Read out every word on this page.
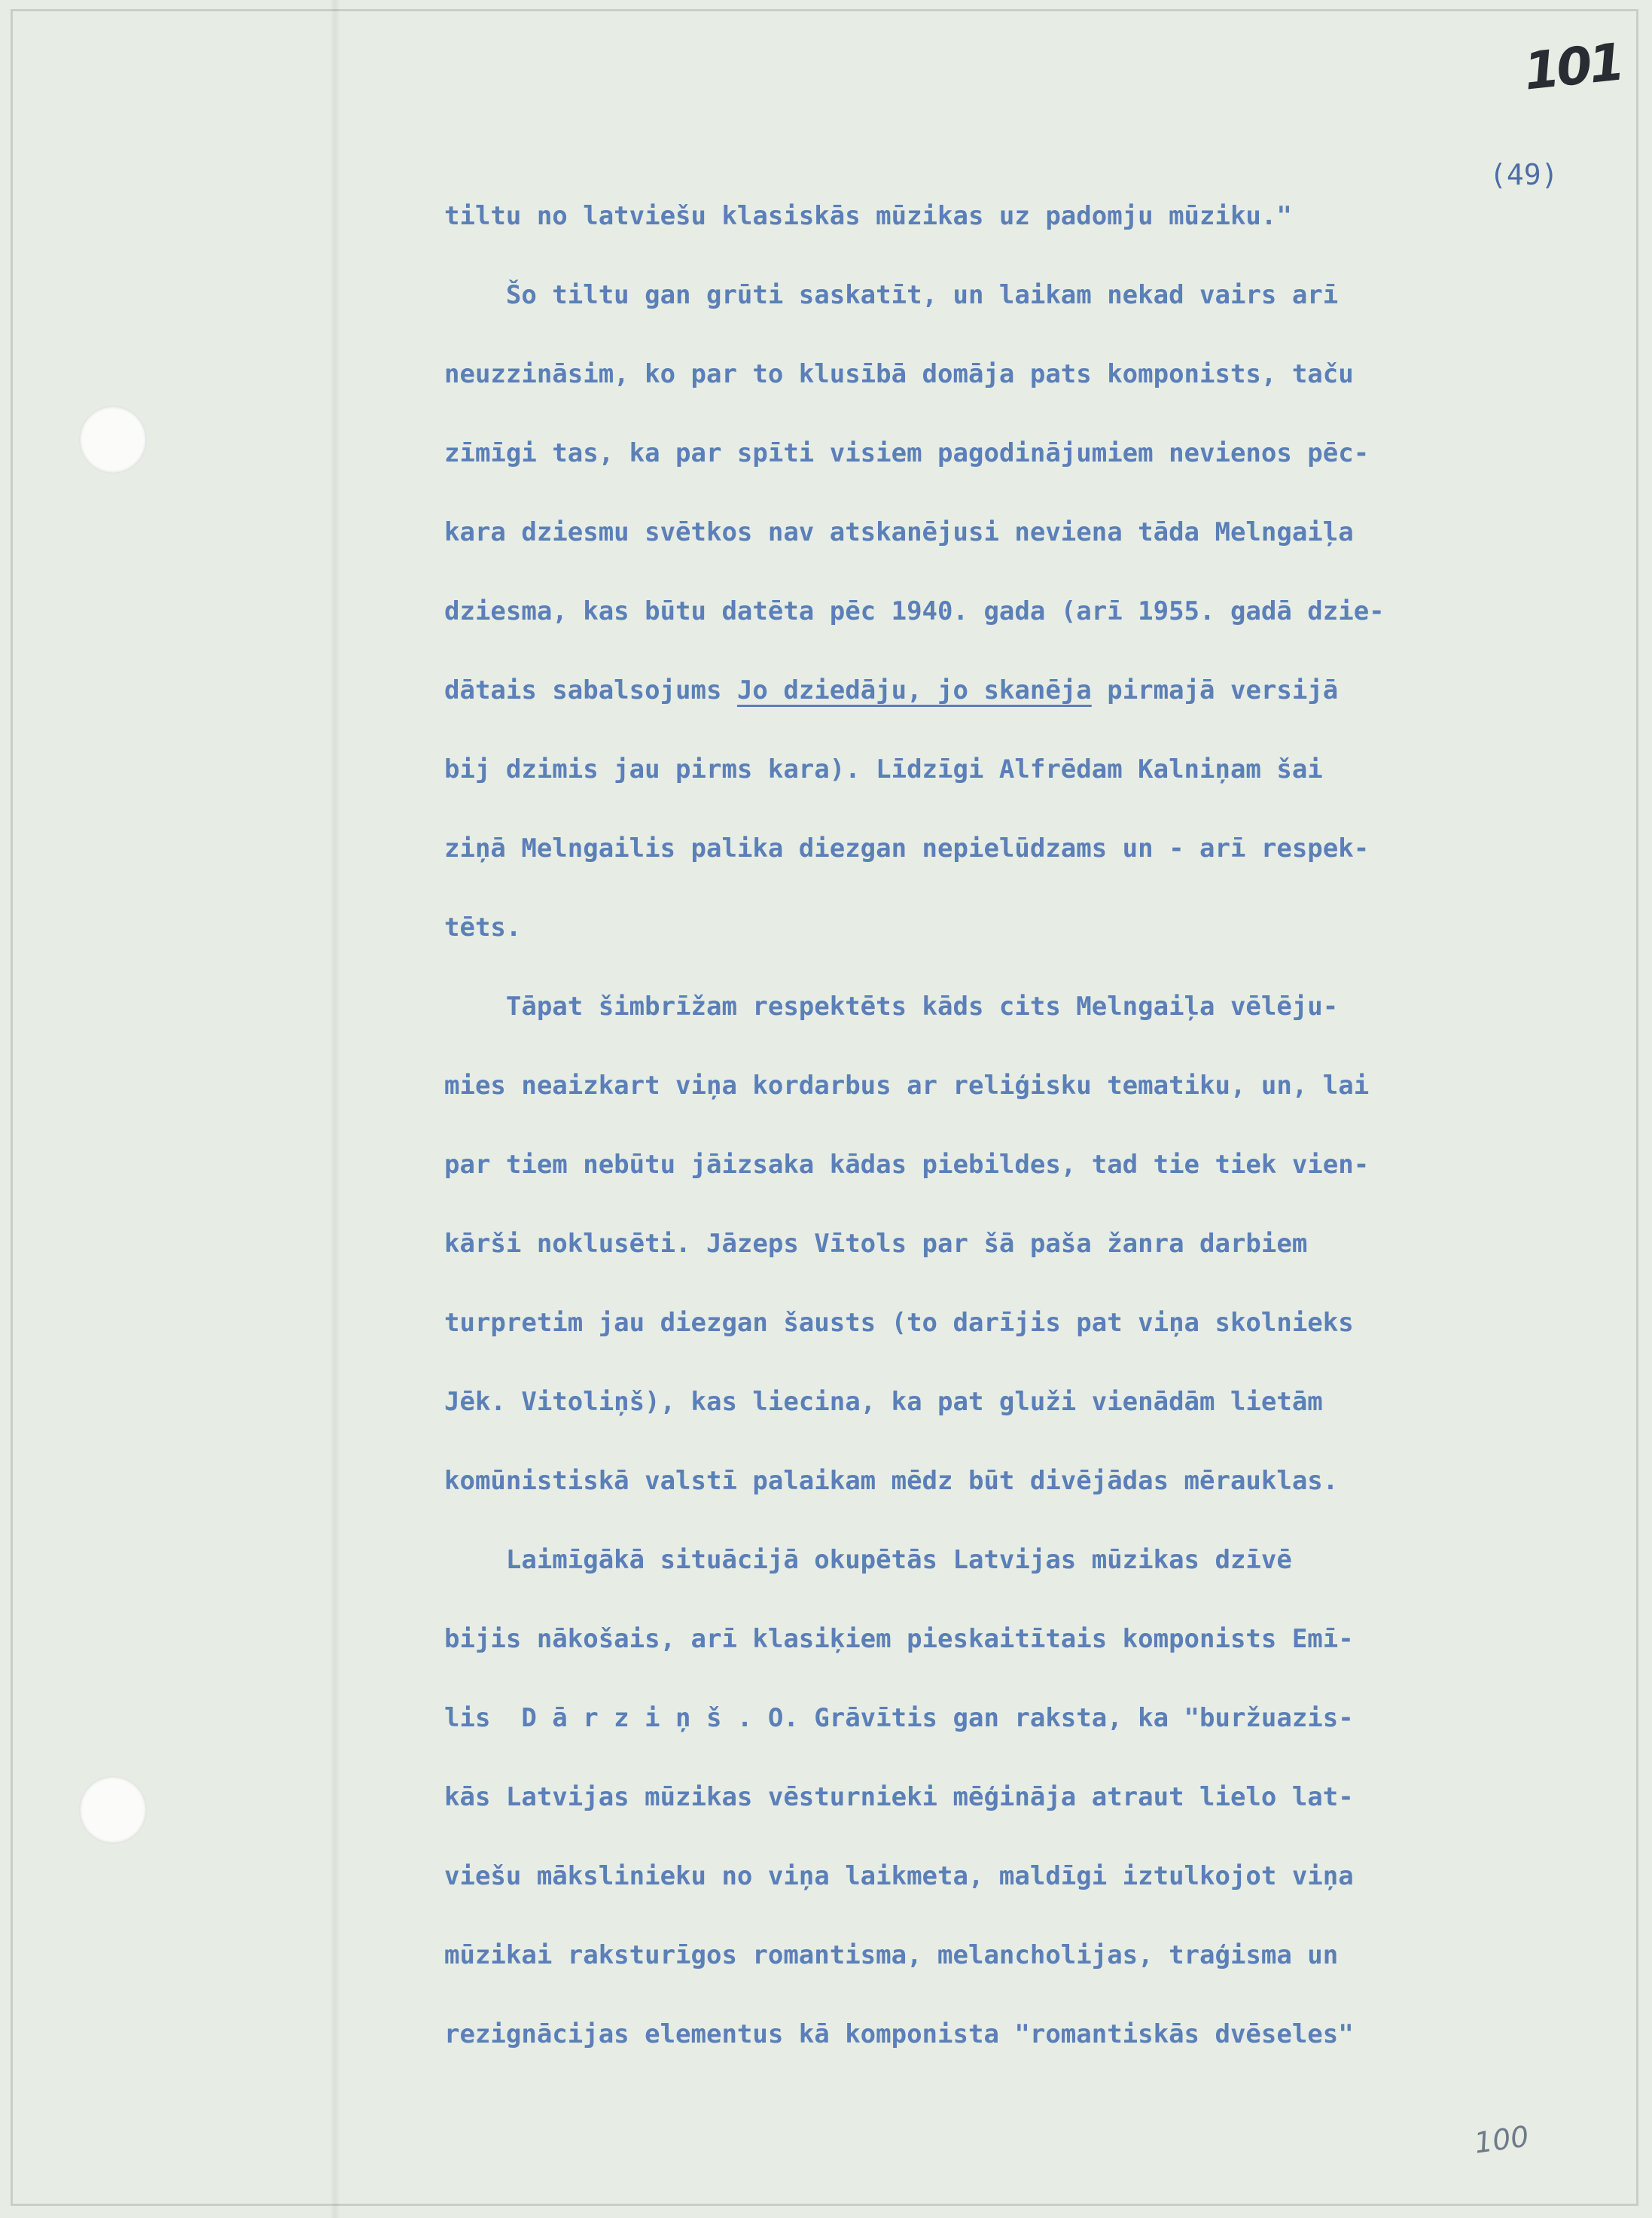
101
(49)
100
tiltu no latviešu klasiskās mūzikas uz padomju mūziku."
Šo tiltu gan grūti saskatīt, un laikam nekad vairs arī
neuzzināsim, ko par to klusībā domāja pats komponists, taču
zīmīgi tas, ka par spīti visiem pagodinājumiem nevienos pēc-
kara dziesmu svētkos nav atskanējusi neviena tāda Melngaiļa
dziesma, kas būtu datēta pēc 1940. gada (arī 1955. gadā dzie-
dātais sabalsojums Jo dziedāju, jo skanēja pirmajā versijā
bij dzimis jau pirms kara). Līdzīgi Alfrēdam Kalniņam šai
ziņā Melngailis palika diezgan nepielūdzams un - arī respek-
tēts.
Tāpat šimbrīžam respektēts kāds cits Melngaiļa vēlēju-
mies neaizkart viņa kordarbus ar reliģisku tematiku, un, lai
par tiem nebūtu jāizsaka kādas piebildes, tad tie tiek vien-
kārši noklusēti. Jāzeps Vītols par šā paša žanra darbiem
turpretim jau diezgan šausts (to darījis pat viņa skolnieks
Jēk. Vitoliņš), kas liecina, ka pat gluži vienādām lietām
komūnistiskā valstī palaikam mēdz būt divējādas mērauklas.
Laimīgākā situācijā okupētās Latvijas mūzikas dzīvē
bijis nākošais, arī klasiķiem pieskaitītais komponists Emī-
lis  D ā r z i ņ š . O. Grāvītis gan raksta, ka "buržuazis-
kās Latvijas mūzikas vēsturnieki mēģināja atraut lielo lat-
viešu mākslinieku no viņa laikmeta, maldīgi iztulkojot viņa
mūzikai raksturīgos romantisma, melancholijas, traģisma un
rezignācijas elementus kā komponista "romantiskās dvēseles"
